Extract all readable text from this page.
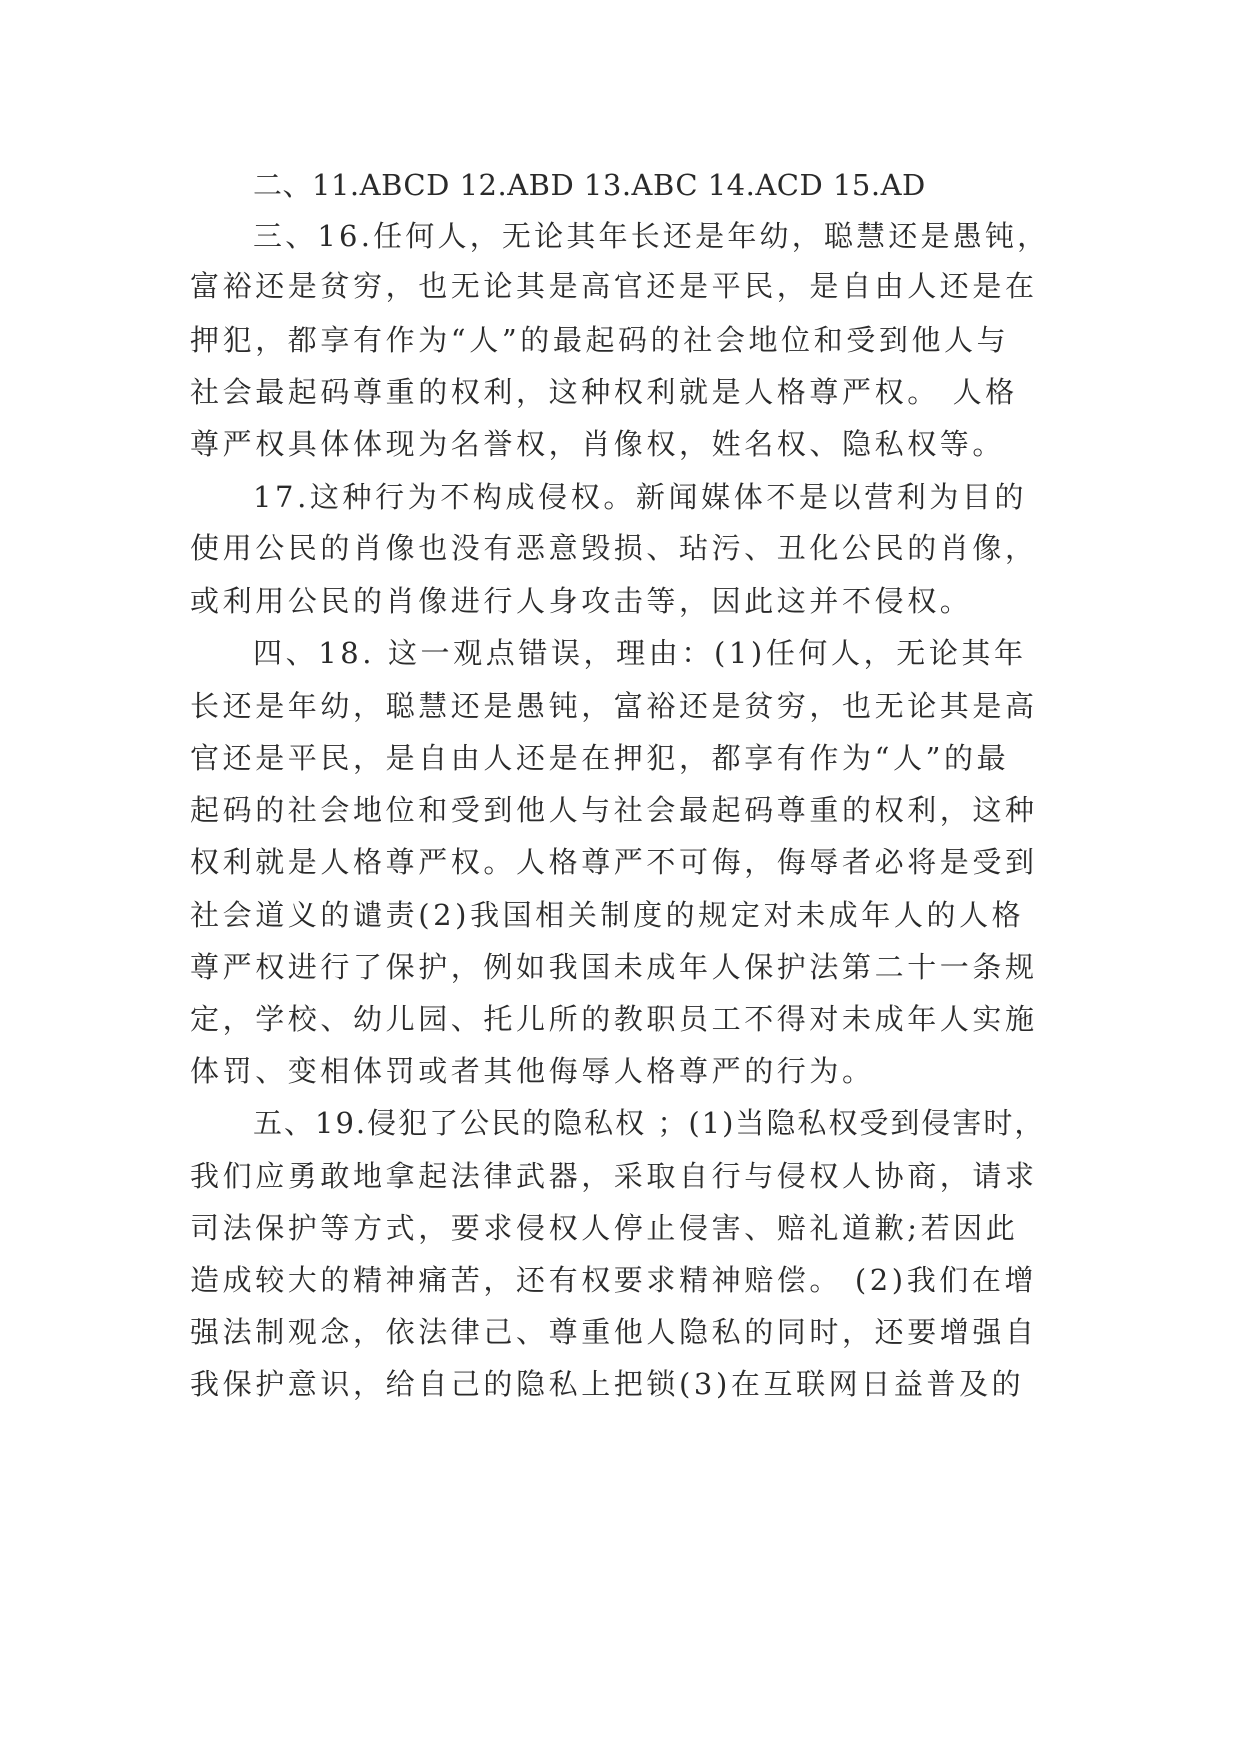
二、11.ABCD 12.ABD 13.ABC 14.ACD 15.AD

三、16.任何人，无论其年长还是年幼，聪慧还是愚钝，

富裕还是贫穷，也无论其是高官还是平民，是自由人还是在

押犯，都享有作为“人”的最起码的社会地位和受到他人与

社会最起码尊重的权利，这种权利就是人格尊严权。 人格

尊严权具体体现为名誉权，肖像权，姓名权、隐私权等。

17.这种行为不构成侵权。新闻媒体不是以营利为目的

使用公民的肖像也没有恶意毁损、玷污、丑化公民的肖像，

或利用公民的肖像进行人身攻击等，因此这并不侵权。

四、18. 这一观点错误，理由：(1)任何人，无论其年

长还是年幼，聪慧还是愚钝，富裕还是贫穷，也无论其是高

官还是平民，是自由人还是在押犯，都享有作为“人”的最

起码的社会地位和受到他人与社会最起码尊重的权利，这种

权利就是人格尊严权。人格尊严不可侮，侮辱者必将是受到

社会道义的谴责(2)我国相关制度的规定对未成年人的人格

尊严权进行了保护，例如我国未成年人保护法第二十一条规

定，学校、幼儿园、托儿所的教职员工不得对未成年人实施

体罚、变相体罚或者其他侮辱人格尊严的行为。

五、19.侵犯了公民的隐私权 ；(1)当隐私权受到侵害时，

我们应勇敢地拿起法律武器，采取自行与侵权人协商，请求

司法保护等方式，要求侵权人停止侵害、赔礼道歉;若因此

造成较大的精神痛苦，还有权要求精神赔偿。 (2)我们在增

强法制观念，依法律己、尊重他人隐私的同时，还要增强自

我保护意识，给自己的隐私上把锁(3)在互联网日益普及的
